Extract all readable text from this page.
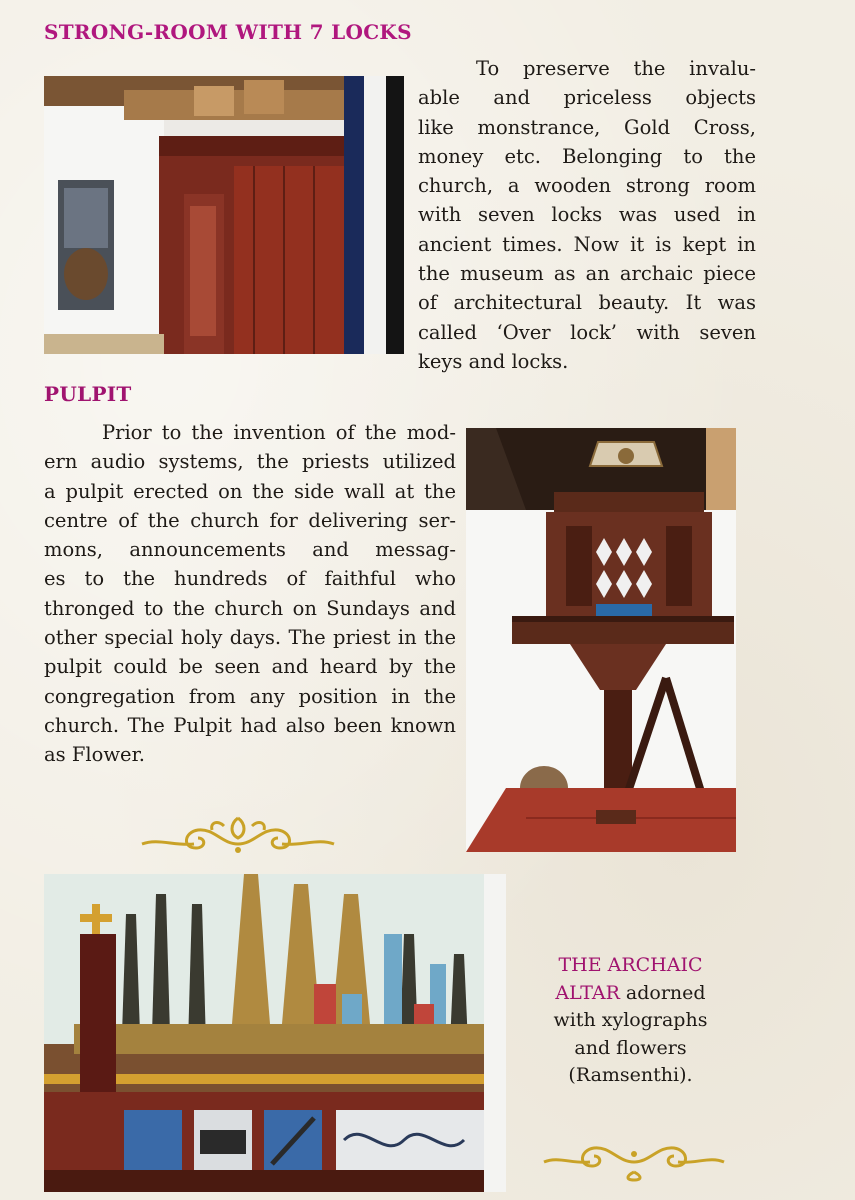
STRONG-ROOM WITH 7 LOCKS
To preserve the invalu-
able and priceless objects
like monstrance, Gold Cross,
money etc. Belonging to the
church, a wooden strong room
with seven locks was used in
ancient times. Now it is kept in
the museum as an archaic piece
of architectural beauty. It was
called ‘Over lock’ with seven
keys and locks.
PULPIT
Prior to the invention of the mod-
ern audio systems, the priests utilized
a pulpit erected on the side wall at the
centre of the church for delivering ser-
mons, announcements and messag-
es to the hundreds of faithful who
thronged to the church on Sundays and
other special holy days. The priest in the
pulpit could be seen and heard by the
congregation from any position in the
church. The Pulpit had also been known
as Flower.
THE ARCHAIC
ALTAR adorned
with xylographs
and flowers
(Ramsenthi).
